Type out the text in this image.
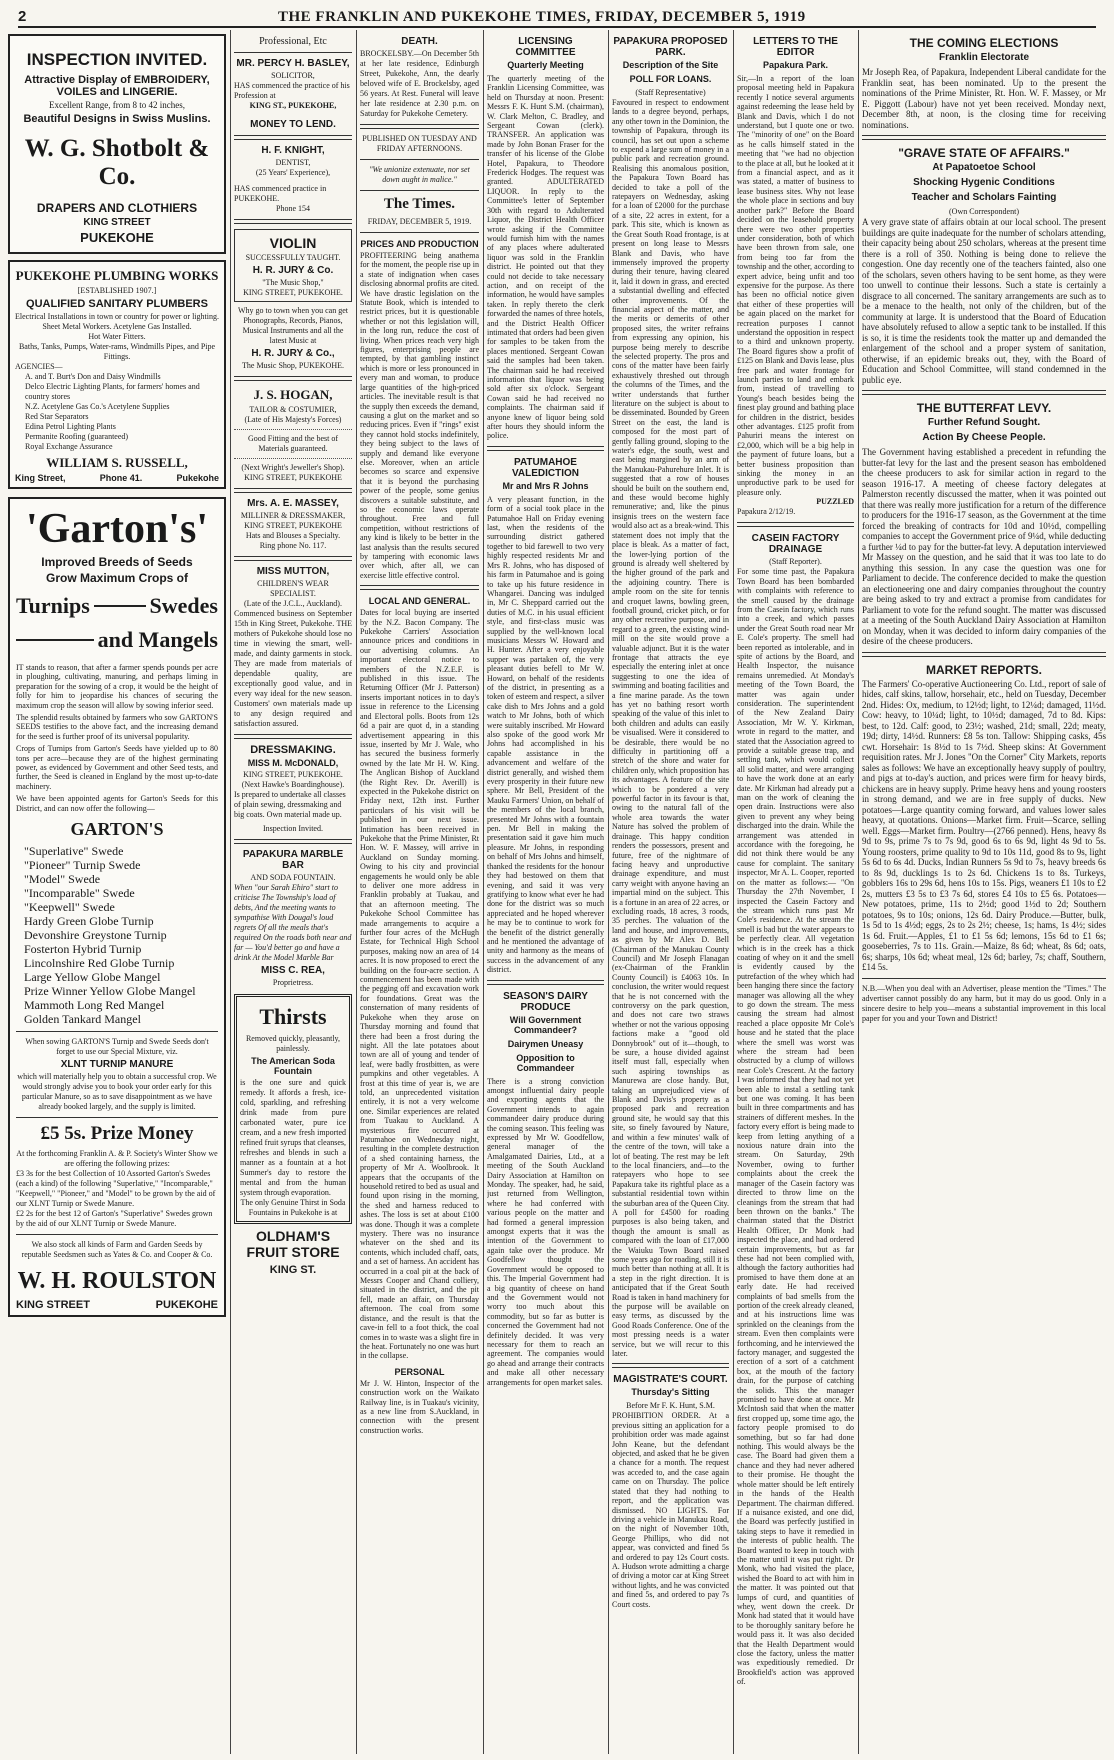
2	THE FRANKLIN AND PUKEKOHE TIMES, FRIDAY, DECEMBER 5, 1919
INSPECTION INVITED.
Attractive Display of EMBROIDERY, VOILES and LINGERIE.
Excellent Range, from 8 to 42 inches,
Beautiful Designs in Swiss Muslins.
W. G. Shotbolt & Co.
DRAPERS AND CLOTHIERS
KING STREET
PUKEKOHE
PUKEKOHE PLUMBING WORKS
[ESTABLISHED 1907.]
QUALIFIED SANITARY PLUMBERS
Electrical Installations in town or country for power or lighting.
Sheet Metal Workers. Acetylene Gas Installed.
Hot Water Fitters.
Baths, Tanks, Pumps, Water-rams, Windmills Pipes, and Pipe Fittings.
AGENCIES—
A. and T. Burt's Don and Daisy Windmills
Delco Electric Lighting Plants, for farmers' homes and country stores
N.Z. Acetylene Gas Co.'s Acetylene Supplies
Red Star Separators
Edina Petrol Lighting Plants
Permanite Roofing (guaranteed)
Royal Exchange Assurance
WILLIAM S. RUSSELL,
King Street,	Phone 41.	Pukekohe
'Garton's'
Improved Breeds of Seeds
Grow Maximum Crops of
Turnips	Swedes
and Mangels
IT stands to reason, that after a farmer spends pounds per acre in ploughing, cultivating, manuring, and perhaps liming in preparation for the sowing of a crop, it would be the height of folly for him to jeopardise his chances of securing the maximum crop the season will allow by sowing inferior seed.
The splendid results obtained by farmers who sow GARTON'S SEEDS testifies to the above fact, and the increasing demand for the seed is further proof of its universal popularity.
Crops of Turnips from Garton's Seeds have yielded up to 80 tons per acre—because they are of the highest germinating power, as evidenced by Government and other Seed tests, and further, the Seed is cleaned in England by the most up-to-date machinery.
We have been appointed agents for Garton's Seeds for this District, and can now offer the following—
GARTON'S
"Superlative" Swede
"Pioneer" Turnip Swede
"Model" Swede
"Incomparable" Swede
"Keepwell" Swede
Hardy Green Globe Turnip
Devonshire Greystone Turnip
Fosterton Hybrid Turnip
Lincolnshire Red Globe Turnip
Large Yellow Globe Mangel
Prize Winner Yellow Globe Mangel
Mammoth Long Red Mangel
Golden Tankard Mangel
When sowing GARTON'S Turnip and Swede Seeds don't forget to use our Special Mixture, viz.
XLNT TURNIP MANURE
which will materially help you to obtain a successful crop. We would strongly advise you to book your order early for this particular Manure, so as to save disappointment as we have already booked largely, and the supply is limited.
£5 5s. Prize Money
At the forthcoming Franklin A. & P. Society's Winter Show we are offering the following prizes:
£3 3s for the best Collection of 10 Assorted Garton's Swedes (each a kind) of the following "Superlative," "Incomparable," "Keepwell," "Pioneer," and "Model" to be grown by the aid of our XLNT Turnip or Swede Manure.
£2 2s for the best 12 of Garton's "Superlative" Swedes grown by the aid of our XLNT Turnip or Swede Manure.
We also stock all kinds of Farm and Garden Seeds by reputable Seedsmen such as Yates & Co. and Cooper & Co.
W. H. ROULSTON
KING STREET	PUKEKOHE
Professional, Etc
MR. PERCY H. BASLEY,
SOLICITOR,
HAS commenced the practice of his Profession at
KING ST., PUKEKOHE,
MONEY TO LEND.
H. F. KNIGHT,
DENTIST,
(25 Years' Experience),
HAS commenced practice in PUKEKOHE.
Phone 154
VIOLIN
SUCCESSFULLY TAUGHT.
H. R. JURY & Co.
"The Music Shop,"
KING STREET, PUKEKOHE.
Why go to town when you can get Phonographs, Records, Pianos, Musical Instruments and all the latest Music at
H. R. JURY & Co.,
The Music Shop, PUKEKOHE.
J. S. HOGAN,
TAILOR & COSTUMIER,
(Late of His Majesty's Forces)
Good Fitting and the best of Materials guaranteed.
(Next Wright's Jeweller's Shop).
KING STREET, PUKEKOHE
Mrs. A. E. MASSEY,
MILLINER & DRESSMAKER,
KING STREET, PUKEKOHE
Hats and Blouses a Specialty.
Ring phone No. 117.
MISS MUTTON,
CHILDREN'S WEAR SPECIALIST.
(Late of the J.C.L., Auckland).
Commenced business on September 15th in King Street, Pukekohe. THE mothers of Pukekohe should lose no time in viewing the smart, well-made, and dainty garments in stock. They are made from materials of dependable quality, are exceptionally good value, and in every way ideal for the new season. Customers' own materials made up to any design required and satisfaction assured.
DRESSMAKING.
MISS M. McDONALD,
KING STREET, PUKEKOHE.
(Next Hawke's Boardinghouse).
Is prepared to undertake all classes of plain sewing, dressmaking and big coats. Own material made up.
Inspection Invited.
PAPAKURA MARBLE BAR
AND SODA FOUNTAIN.
When "our Sarah Ehiro" start to criticise The Township's load of debts, And the meeting wants to sympathise With Dougal's loud regrets Of all the meals that's required On the roads both near and far — You'd better go and have a drink At the Model Marble Bar
MISS C. REA,
Proprietress.
Thirsts
Removed quickly, pleasantly, painlessly.
The American Soda Fountain
is the one sure and quick remedy. It affords a fresh, ice-cold, sparkling, and refreshing drink made from pure carbonated water, pure ice cream, and a new fresh imported refined fruit syrups that cleanses, refreshes and blends in such a manner as a fountain at a hot Summer's day to restore the mental and from the human system through evaporation.
The only Genuine Thirst in Soda Fountains in Pukekohe is at
OLDHAM'S FRUIT STORE
KING ST.
DEATH.
BROCKELSBY.—On December 5th at her late residence, Edinburgh Street, Pukekohe, Ann, the dearly beloved wife of E. Brockelsby, aged 56 years. At Rest. Funeral will leave her late residence at 2.30 p.m. on Saturday for Pukekohe Cemetery.
PUBLISHED ON TUESDAY AND FRIDAY AFTERNOONS.
"We unionize extenuate, nor set down aught in malice."
The Times.
FRIDAY, DECEMBER 5, 1919.
PRICES AND PRODUCTION
PROFITEERING being anathema for the moment, the people rise up in a state of indignation when cases disclosing abnormal profits are cited. We have drastic legislation on the Statute Book, which is intended to restrict prices, but it is questionable whether or not this legislation will, in the long run, reduce the cost of living. When prices reach very high figures, enterprising people are tempted, by that gambling instinct which is more or less pronounced in every man and woman, to produce large quantities of the high-priced articles. The inevitable result is that the supply then exceeds the demand, causing a glut on the market and so reducing prices. Even if "rings" exist they cannot hold stocks indefinitely, they being subject to the laws of supply and demand like everyone else. Moreover, when an article becomes so scarce and expensive that it is beyond the purchasing power of the people, some genius discovers a suitable substitute, and so the economic laws operate throughout. Free and full competition, without restrictions of any kind is likely to be better in the last analysis than the results secured by tampering with economic laws over which, after all, we can exercise little effective control.
LOCAL AND GENERAL.
Dates for local buying are inserted by the N.Z. Bacon Company. The Pukekohe Carriers' Association announce prices and conditions in our advertising columns. An important electoral notice to members of the N.Z.E.F. is published in this issue. The Returning Officer (Mr J. Patterson) inserts important notices in to day's issue in reference to the Licensing and Electoral polls. Boots from 12s 6d a pair are quot d, in a standing advertisement appearing in this issue, inserted by Mr J. Wale, who has secured the business formerly owned by the late Mr H. W. King. The Anglican Bishop of Auckland (the Right Rev. Dr. Averill) is expected in the Pukekohe district on Friday next, 12th inst. Further particulars of his visit will be published in our next issue. Intimation has been received in Pukekohe that the Prime Minister, Rt Hon. W. F. Massey, will arrive in Auckland on Sunday morning. Owing to his city and provincial engagements he would only be able to deliver one more address in Franklin probably at Tuakau, and that an afternoon meeting. The Pukekohe School Committee has made arrangements to acquire a further four acres of the McHugh Estate, for Technical High School purposes, making now an area of 14 acres. It is now proposed to erect the building on the four-acre section. A commencement has been made with the pegging off and excavation work for foundations. Great was the consternation of many residents of Pukekohe when they arose on Thursday morning and found that there had been a frost during the night. All the late potatoes about town are all of young and tender of leaf, were badly frostbitten, as were pumpkins and other vegetables. A frost at this time of year is, we are told, an unprecedented visitation entirely, it is not a very welcome one. Similar experiences are related from Tuakau to Auckland. A mysterious fire occurred at Patumahoe on Wednesday night, resulting in the complete destruction of a shed containing harness, the property of Mr A. Woolbrook. It appears that the occupants of the household retired to bed as usual and found upon rising in the morning, the shed and harness reduced to ashes. The loss is set at about £100 was done. Though it was a complete mystery. There was no insurance whatever on the shed and its contents, which included chaff, oats, and a set of harness. An accident has occurred in a coal pit at the back of Messrs Cooper and Chand colliery, situated in the district, and the pit fell, made an affair, on Thursday afternoon. The coal from some distance, and the result is that the cave-in fell to a foot thick, the coal comes in to waste was a slight fire in the heat. Fortunately no one was hurt in the collapse.
PERSONAL
Mr J. W. Hinton, Inspector of the construction work on the Waikato Railway line, is in Tuakau's vicinity, as a new line from S.Auckland, in connection with the present construction works.
LICENSING COMMITTEE
Quarterly Meeting
The quarterly meeting of the Franklin Licensing Committee, was held on Thursday at noon. Present: Messrs F. K. Hunt S.M. (chairman), W. Clark Melton, C. Bradley, and Sergeant Cowan (clerk). TRANSFER. An application was made by John Bonan Fraser for the transfer of his license of the Globe Hotel, Papakura, to Theodore Frederick Hodges. The request was granted. ADULTERATED LIQUOR. In reply to the Committee's letter of September 30th with regard to Adulterated Liquor, the District Health Officer wrote asking if the Committee would furnish him with the names of any places where adulterated liquor was sold in the Franklin district. He pointed out that they could not decide to take necessary action, and on receipt of the information, he would have samples taken. In reply thereto the clerk forwarded the names of three hotels, and the District Health Officer intimated that orders had been given for samples to be taken from the places mentioned. Sergeant Cowan said the samples had been taken. The chairman said he had received information that liquor was being sold after six o'clock. Sergeant Cowan said he had received no complaints. The chairman said if anyone knew of liquor being sold after hours they should inform the police.
PATUMAHOE VALEDICTION
Mr and Mrs R Johns
A very pleasant function, in the form of a social took place in the Patumahoe Hall on Friday evening last, when the residents of the surrounding district gathered together to bid farewell to two very highly respected residents Mr and Mrs R. Johns, who has disposed of his farm in Patumahoe and is going to take up his future residence in Whangarei. Dancing was indulged in, Mr C. Sheppard carried out the duties of M.C. in his usual efficient style, and first-class music was supplied by the well-known local musicians Messrs W. Howard and H. Hunter. After a very enjoyable supper was partaken of, the very pleasant duties befell to Mr W. Howard, on behalf of the residents of the district, in presenting as a token of esteem and respect, a silver cake dish to Mrs Johns and a gold watch to Mr Johns, both of which were suitably inscribed. Mr Howard also spoke of the good work Mr Johns had accomplished in his capable assistance in the advancement and welfare of the district generally, and wished them every prosperity in their future new sphere. Mr Bell, President of the Mauku Farmers' Union, on behalf of the members of the local branch, presented Mr Johns with a fountain pen. Mr Bell in making the presentation said it gave him much pleasure. Mr Johns, in responding on behalf of Mrs Johns and himself, thanked the residents for the honour they had bestowed on them that evening, and said it was very gratifying to know what ever he had done for the district was so much appreciated and he hoped wherever he may be to continue to work for the benefit of the district generally and he mentioned the advantage of unity and harmony as the means of success in the advancement of any district.
SEASON'S DAIRY PRODUCE
Will Government Commandeer?
Dairymen Uneasy
Opposition to Commandeer
There is a strong conviction amongst influential dairy people and exporting agents that the Government intends to again commandeer dairy produce during the coming season. This feeling was expressed by Mr W. Goodfellow, general manager of the Amalgamated Dairies, Ltd., at a meeting of the South Auckland Dairy Association at Hamilton on Monday. The speaker, had, he said, just returned from Wellington, where he had conferred with various people on the matter and had formed a general impression amongst experts that it was the intention of the Government to again take over the produce. Mr Goodfellow thought the Government would be opposed to this. The Imperial Government had a big quantity of cheese on hand and the Government would not worry too much about this commodity, but so far as butter is concerned the Government had not definitely decided. It was very necessary for them to reach an agreement. The companies would go ahead and arrange their contracts and make all other necessary arrangements for open market sales.
PAPAKURA PROPOSED PARK.
Description of the Site
POLL FOR LOANS.
(Staff Representative)
Favoured in respect to endowment lands to a degree beyond, perhaps, any other town in the Dominion, the township of Papakura, through its council, has set out upon a scheme to expend a large sum of money in a public park and recreation ground. Realising this anomalous position, the Papakura Town Board has decided to take a poll of the ratepayers on Wednesday, asking for a loan of £2000 for the purchase of a site, 22 acres in extent, for a park. This site, which is known as the Great South Road frontage, is at present on long lease to Messrs Blank and Davis, who have immensely improved the property during their tenure, having cleared it, laid it down in grass, and erected a substantial dwelling and effected other improvements. Of the financial aspect of the matter, and the merits or demerits of other proposed sites, the writer refrains from expressing any opinion, his purpose being merely to describe the selected property. The pros and cons of the matter have been fairly exhaustively threshed out through the columns of the Times, and the writer understands that further literature on the subject is about to be disseminated. Bounded by Green Street on the east, the land is composed for the most part of gently falling ground, sloping to the water's edge, the south, west and east being margined by an arm of the Manukau-Pahurehure Inlet. It is suggested that a row of houses should be built on the southern end, and these would become highly remunerative; and, like the pinus insignis trees on the western face would also act as a break-wind. This statement does not imply that the place is bleak. As a matter of fact, the lower-lying portion of the ground is already well sheltered by the higher ground of the park and the adjoining country. There is ample room on the site for tennis and croquet lawns, bowling green, football ground, cricket pitch, or for any other recreative purpose, and in regard to a green, the existing wind-mill on the site would prove a valuable adjunct. But it is the water frontage that attracts the eye especially the entering inlet at once suggesting to one the idea of swimming and boating facilities and a fine marine parade. As the town has yet no bathing resort worth speaking of the value of this inlet to both children and adults can easily be visualised. Were it considered to be desirable, there would be no difficulty in partitioning off a stretch of the shore and water for children only, which proposition has its advantages. A feature of the site which to be pondered a very powerful factor in its favour is that, owing to the natural fall of the whole area towards the water Nature has solved the problem of drainage. This happy condition renders the possessors, present and future, free of the nightmare of facing heavy and unproductive drainage expenditure, and must carry weight with anyone having an impartial mind on the subject. This is a fortune in an area of 22 acres, or excluding roads, 18 acres, 3 roods, 35 perches. The valuation of the land and house, and improvements, as given by Mr Alex D. Bell (Chairman of the Manukau County Council) and Mr Joseph Flanagan (ex-Chairman of the Franklin County Council) is £4063 10s. In conclusion, the writer would request that he is not concerned with the controversy on the park question, and does not care two straws whether or not the various opposing factions make a "good old Donnybrook" out of it—though, to be sure, a house divided against itself must fall, especially when such aspiring townships as Manurewa are close handy. But, taking an unprejudiced view of Blank and Davis's property as a proposed park and recreation ground site, he would say that this site, so finely favoured by Nature, and within a few minutes' walk of the centre of the town, will take a lot of beating. The rest may be left to the local financiers, and—to the ratepayers who hope to see Papakura take its rightful place as a substantial residential town within the suburban area of the Queen City. A poll for £4500 for roading purposes is also being taken, and though the amount is small as compared with the loan of £17,000 the Waiuku Town Board raised some years ago for roading, still it is much better than nothing at all. It is a step in the right direction. It is anticipated that if the Great South Road is taken in hand machinery for the purpose will be available on easy terms, as discussed by the Good Roads Conference. One of the most pressing needs is a water service, but we will recur to this later.
MAGISTRATE'S COURT.
Thursday's Sitting
Before Mr F. K. Hunt, S.M.
PROHIBITION ORDER. At a previous sitting an application for a prohibition order was made against John Keane, but the defendant objected, and asked that he be given a chance for a month. The request was acceded to, and the case again came on on Thursday. The police stated that they had nothing to report, and the application was dismissed. NO LIGHTS. For driving a vehicle in Manukau Road, on the night of November 10th, George Phillips, who did not appear, was convicted and fined 5s and ordered to pay 12s Court costs. A. Hudson wrote admitting a charge of driving a motor car at King Street without lights, and he was convicted and fined 5s, and ordered to pay 7s Court costs.
LETTERS TO THE EDITOR
Papakura Park.
Sir,—In a report of the loan proposal meeting held in Papakura recently I notice several arguments against redeeming the lease held by Blank and Davis, which I do not understand, but I quote one or two. The "minority of one" on the Board as he calls himself stated in the meeting that "we had no objection to the place at all, but he looked at it from a financial aspect, and as it was stated, a matter of business to lease business sites. Why not lease the whole place in sections and buy another park?" Before the Board decided on the leasehold property there were two other properties under consideration, both of which have been thrown from sale, one from being too far from the township and the other, according to expert advice, being unfit and too expensive for the purpose. As there has been no official notice given that either of these properties will be again placed on the market for recreation purposes I cannot understand the opposition in respect to a third and unknown property. The Board figures show a profit of £125 on Blank and Davis lease, plus free park and water frontage for launch parties to land and embark from, instead of travelling to Young's beach besides being the finest play ground and bathing place for children in the district, besides other advantages. £125 profit from Pahuriri means the interest on £2,000, which will be a big help in the payment of future loans, but a better business proposition than sinking the money in an unproductive park to be used for pleasure only.
PUZZLED
Papakura 2/12/19.
CASEIN FACTORY DRAINAGE
(Staff Reporter).
For some time past, the Papakura Town Board has been bombarded with complaints with reference to the smell caused by the drainage from the Casein factory, which runs into a creek, and which passes under the Great South road near Mr E. Cole's property. The smell had been reported as intolerable, and in spite of actions by the Board, and Health Inspector, the nuisance remains unremedied. At Monday's meeting of the Town Board, the matter was again under consideration. The superintendent of the New Zealand Dairy Association, Mr W. Y. Kirkman, wrote in regard to the matter, and stated that the Association agreed to provide a suitable grease trap, and settling tank, which would collect all solid matter, and were arranging to have the work done at an early date. Mr Kirkman had already put a man on the work of cleaning the open drain. Instructions were also given to prevent any whey being discharged into the drain. While the arrangement was attended in accordance with the foregoing, he did not think there would be any cause for complaint. The sanitary inspector, Mr A. L. Cooper, reported on the matter as follows:— "On Thursday the 27th November, I inspected the Casein Factory and the stream which runs past Mr Cole's residence. At the stream the smell is bad but the water appears to be perfectly clear. All vegetation which is in the creek has a thick coating of whey on it and the smell is evidently caused by the putrefaction of the whey which had been hanging there since the factory manager was allowing all the whey to go down the stream. The mess causing the stream had almost reached a place opposite Mr Cole's house and he stated that the place where the smell was worst was where the stream had been obstructed by a clump of willows near Cole's Crescent. At the factory I was informed that they had not yet been able to instal a settling tank but one was coming. It has been built in three compartments and has strainers of different meshes. In the factory every effort is being made to keep from letting anything of a noxious nature drain into the stream. On Saturday, 29th November, owing to further complaints about the creek the manager of the Casein factory was directed to throw lime on the cleanings from the stream that had been thrown on the banks." The chairman stated that the District Health Officer, Dr Monk had inspected the place, and had ordered certain improvements, but as far these had not been complied with, although the factory authorities had promised to have them done at an early date. He had received complaints of bad smells from the portion of the creek already cleaned, and at his instructions lime was sprinkled on the cleanings from the stream. Even then complaints were forthcoming, and he interviewed the factory manager, and suggested the erection of a sort of a catchment box, at the mouth of the factory drain, for the purpose of catching the solids. This the manager promised to have done at once. Mr McIntosh said that when the matter first cropped up, some time ago, the factory people promised to do something, but so far had done nothing. This would always be the case. The Board had given them a chance and they had never adhered to their promise. He thought the whole matter should be left entirely in the hands of the Health Department. The chairman differed. If a nuisance existed, and one did, the Board was perfectly justified in taking steps to have it remedied in the interests of public health. The Board wanted to keep in touch with the matter until it was put right. Dr Monk, who had visited the place, wished the Board to act with him in the matter. It was pointed out that lumps of curd, and quantities of whey, went down the creek. Dr Monk had stated that it would have to be thoroughly sanitary before he would pass it. It was also decided that the Health Department would close the factory, unless the matter was expeditiously remedied. Dr Brookfield's action was approved of.
THE COMING ELECTIONS
Franklin Electorate
Mr Joseph Rea, of Papakura, Independent Liberal candidate for the Franklin seat, has been nominated. Up to the present the nominations of the Prime Minister, Rt. Hon. W. F. Massey, or Mr E. Piggott (Labour) have not yet been received. Monday next, December 8th, at noon, is the closing time for receiving nominations.
"GRAVE STATE OF AFFAIRS."
At Papatoetoe School
Shocking Hygenic Conditions
Teacher and Scholars Fainting
(Own Correspondent)
A very grave state of affairs obtain at our local school. The present buildings are quite inadequate for the number of scholars attending, their capacity being about 250 scholars, whereas at the present time there is a roll of 350. Nothing is being done to relieve the congestion. One day recently one of the teachers fainted, also one of the scholars, seven others having to be sent home, as they were too unwell to continue their lessons. Such a state is certainly a disgrace to all concerned. The sanitary arrangements are such as to be a menace to the health, not only of the children, but of the community at large. It is understood that the Board of Education have absolutely refused to allow a septic tank to be installed. If this is so, it is time the residents took the matter up and demanded the enlargement of the school and a proper system of sanitation, otherwise, if an epidemic breaks out, they, with the Board of Education and School Committee, will stand condemned in the public eye.
THE BUTTERFAT LEVY.
Further Refund Sought.
Action By Cheese People.
The Government having established a precedent in refunding the butter-fat levy for the last and the present season has emboldened the cheese producers to ask for similar action in regard to the season 1916-17. A meeting of cheese factory delegates at Palmerston recently discussed the matter, when it was pointed out that there was really more justification for a return of the difference to producers for the 1916-17 season, as the Government at the time forced the breaking of contracts for 10d and 10½d, compelling companies to accept the Government price of 9¼d, while deducting a further ¼d to pay for the butter-fat levy. A deputation interviewed Mr Massey on the question, and he said that it was too late to do anything this session. In any case the question was one for Parliament to decide. The conference decided to make the question an electioneering one and dairy companies throughout the country are being asked to try and extract a promise from candidates for Parliament to vote for the refund sought. The matter was discussed at a meeting of the South Auckland Dairy Association at Hamilton on Monday, when it was decided to inform dairy companies of the desire of the cheese producers.
MARKET REPORTS.
The Farmers' Co-operative Auctioneering Co. Ltd., report of sale of hides, calf skins, tallow, horsehair, etc., held on Tuesday, December 2nd. Hides: Ox, medium, to 12½d; light, to 12¼d; damaged, 11½d. Cow: heavy, to 10¼d; light, to 10½d; damaged, 7d to 8d. Kips: best, to 12d. Calf: good, to 23½; washed, 21d; small, 22d; meaty, 19d; dirty, 14½d. Runners: £8 5s ton. Tallow: Shipping casks, 45s cwt. Horsehair: 1s 8½d to 1s 7½d. Sheep skins: At Government requisition rates. Mr J. Jones "On the Corner" City Markets, reports sales as follows: We have an exceptionally heavy supply of poultry, and pigs at to-day's auction, and prices were firm for heavy birds, chickens are in heavy supply. Prime heavy hens and young roosters in strong demand, and we are in free supply of ducks. New potatoes—Large quantity coming forward, and values lower sales heavy, at quotations. Onions—Market firm. Fruit—Scarce, selling well. Eggs—Market firm. Poultry—(2766 penned). Hens, heavy 8s 9d to 9s, prime 7s to 7s 9d, good 6s to 6s 9d, light 4s 9d to 5s. Young roosters, prime quality to 9d to 10s 11d, good 8s to 9s, light 5s 6d to 6s 4d. Ducks, Indian Runners 5s 9d to 7s, heavy breeds 6s to 8s 9d, ducklings 1s to 2s 6d. Chickens 1s to 8s. Turkeys, gobblers 16s to 29s 6d, hens 10s to 15s. Pigs, weaners £1 10s to £2 2s, mutters £3 5s to £3 7s 6d, stores £4 10s to £5 6s. Potatoes—New potatoes, prime, 11s to 2½d; good 1½d to 2d; Southern potatoes, 9s to 10s; onions, 12s 6d. Dairy Produce.—Butter, bulk, 1s 5d to 1s 4½d; eggs, 2s to 2s 2½; cheese, 1s; hams, 1s 4½; sides 1s 6d. Fruit.—Apples, £1 to £1 5s 6d; lemons, 15s 6d to £1 6s; gooseberries, 7s to 11s. Grain.—Maize, 8s 6d; wheat, 8s 6d; oats, 6s; sharps, 10s 6d; wheat meal, 12s 6d; barley, 7s; chaff, Southern, £14 5s.
N.B.—When you deal with an Advertiser, please mention the "Times." The advertiser cannot possibly do any harm, but it may do us good. Only in a sincere desire to help you—means a substantial improvement in this local paper for you and your Town and District!
